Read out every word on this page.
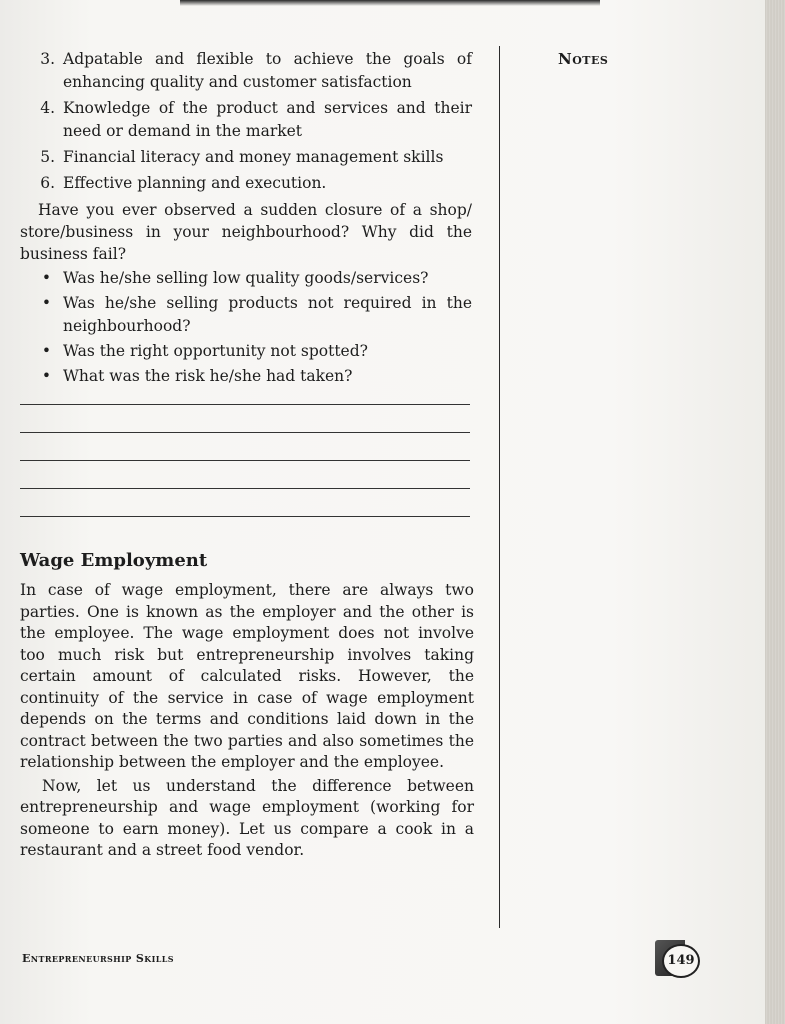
3. Adpatable and flexible to achieve the goals of enhancing quality and customer satisfaction
4. Knowledge of the product and services and their need or demand in the market
5. Financial literacy and money management skills
6. Effective planning and execution.

Have you ever observed a sudden closure of a shop/ store/business in your neighbourhood? Why did the business fail?

• Was he/she selling low quality goods/services?
• Was he/she selling products not required in the neighbourhood?
• Was the right opportunity not spotted?
• What was the risk he/she had taken?
Wage Employment

In case of wage employment, there are always two parties. One is known as the employer and the other is the employee. The wage employment does not involve too much risk but entrepreneurship involves taking certain amount of calculated risks. However, the continuity of the service in case of wage employment depends on the terms and conditions laid down in the contract between the two parties and also sometimes the relationship between the employer and the employee.

Now, let us understand the difference between entrepreneurship and wage employment (working for someone to earn money). Let us compare a cook in a restaurant and a street food vendor.

Notes
Entrepreneurship Skills	149
